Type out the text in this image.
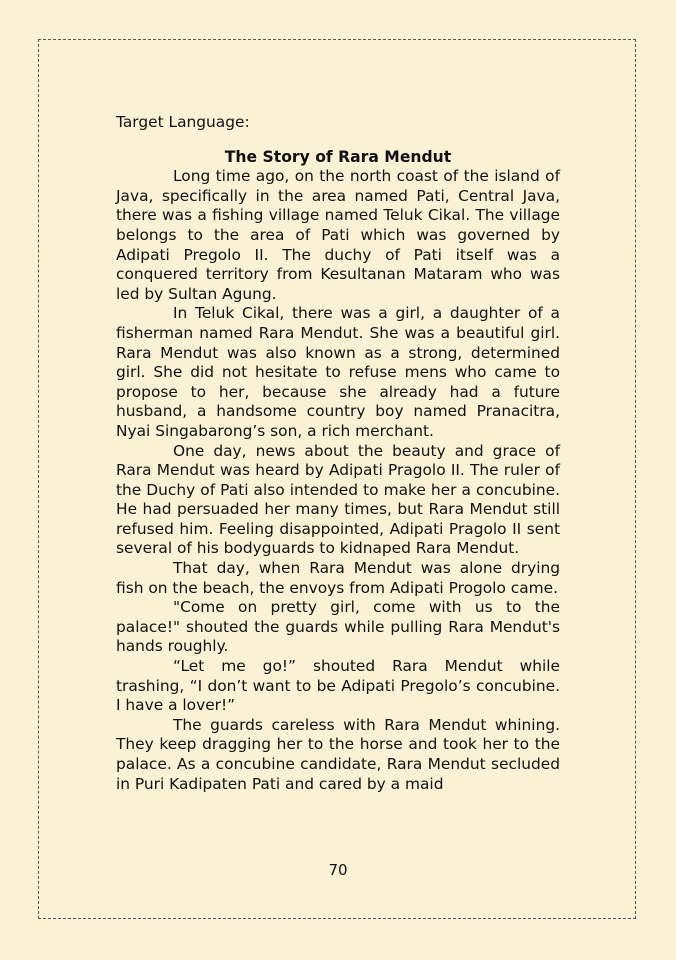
Target Language:

The Story of Rara Mendut

Long time ago, on the north coast of the island of Java, specifically in the area named Pati, Central Java, there was a fishing village named Teluk Cikal. The village belongs to the area of Pati which was governed by Adipati Pregolo II. The duchy of Pati itself was a conquered territory from Kesultanan Mataram who was led by Sultan Agung.

In Teluk Cikal, there was a girl, a daughter of a fisherman named Rara Mendut. She was a beautiful girl. Rara Mendut was also known as a strong, determined girl. She did not hesitate to refuse mens who came to propose to her, because she already had a future husband, a handsome country boy named Pranacitra, Nyai Singabarong’s son, a rich merchant.

One day, news about the beauty and grace of Rara Mendut was heard by Adipati Pragolo II. The ruler of the Duchy of Pati also intended to make her a concubine. He had persuaded her many times, but Rara Mendut still refused him. Feeling disappointed, Adipati Pragolo II sent several of his bodyguards to kidnaped Rara Mendut.

That day, when Rara Mendut was alone drying fish on the beach, the envoys from Adipati Progolo came.

"Come on pretty girl, come with us to the palace!" shouted the guards while pulling Rara Mendut's hands roughly.

“Let me go!” shouted Rara Mendut while trashing, “I don’t want to be Adipati Pregolo’s concubine. I have a lover!”

The guards careless with Rara Mendut whining. They keep dragging her to the horse and took her to the palace. As a concubine candidate, Rara Mendut secluded in Puri Kadipaten Pati and cared by a maid

70
